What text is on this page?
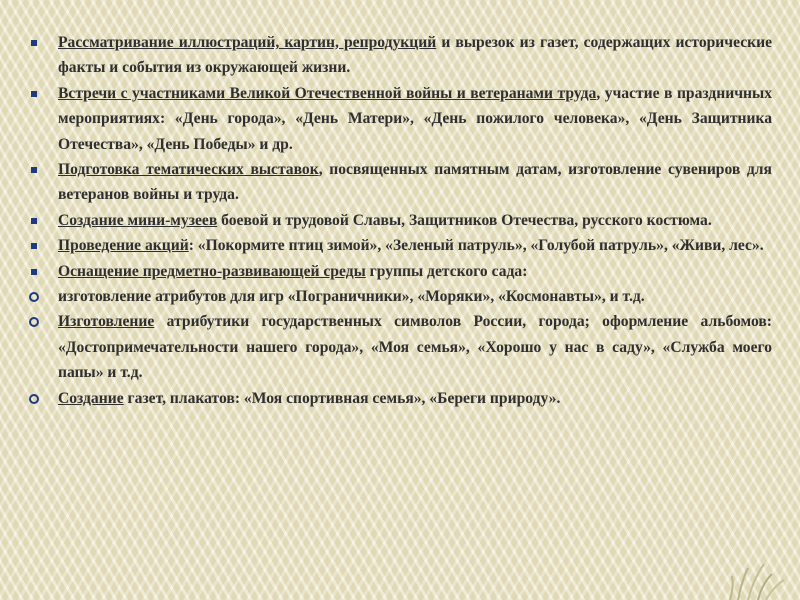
Рассматривание иллюстраций, картин, репродукций и вырезок из газет, содержащих исторические факты и события из окружающей жизни.
Встречи с участниками Великой Отечественной войны и ветеранами труда, участие в праздничных мероприятиях: «День города», «День Матери», «День пожилого человека», «День Защитника Отечества», «День Победы» и др.
Подготовка тематических выставок, посвященных памятным датам, изготовление сувениров для ветеранов войны и труда.
Создание мини-музеев боевой и трудовой Славы, Защитников Отечества, русского костюма.
Проведение акций: «Покормите птиц зимой», «Зеленый патруль», «Голубой патруль», «Живи, лес».
Оснащение предметно-развивающей среды группы детского сада:
изготовление атрибутов для игр «Пограничники», «Моряки», «Космонавты», и т.д.
Изготовление атрибутики государственных символов России, города; оформление альбомов: «Достопримечательности нашего города», «Моя семья», «Хорошо у нас в саду», «Служба моего папы» и т.д.
Создание газет, плакатов: «Моя спортивная семья», «Береги природу».
